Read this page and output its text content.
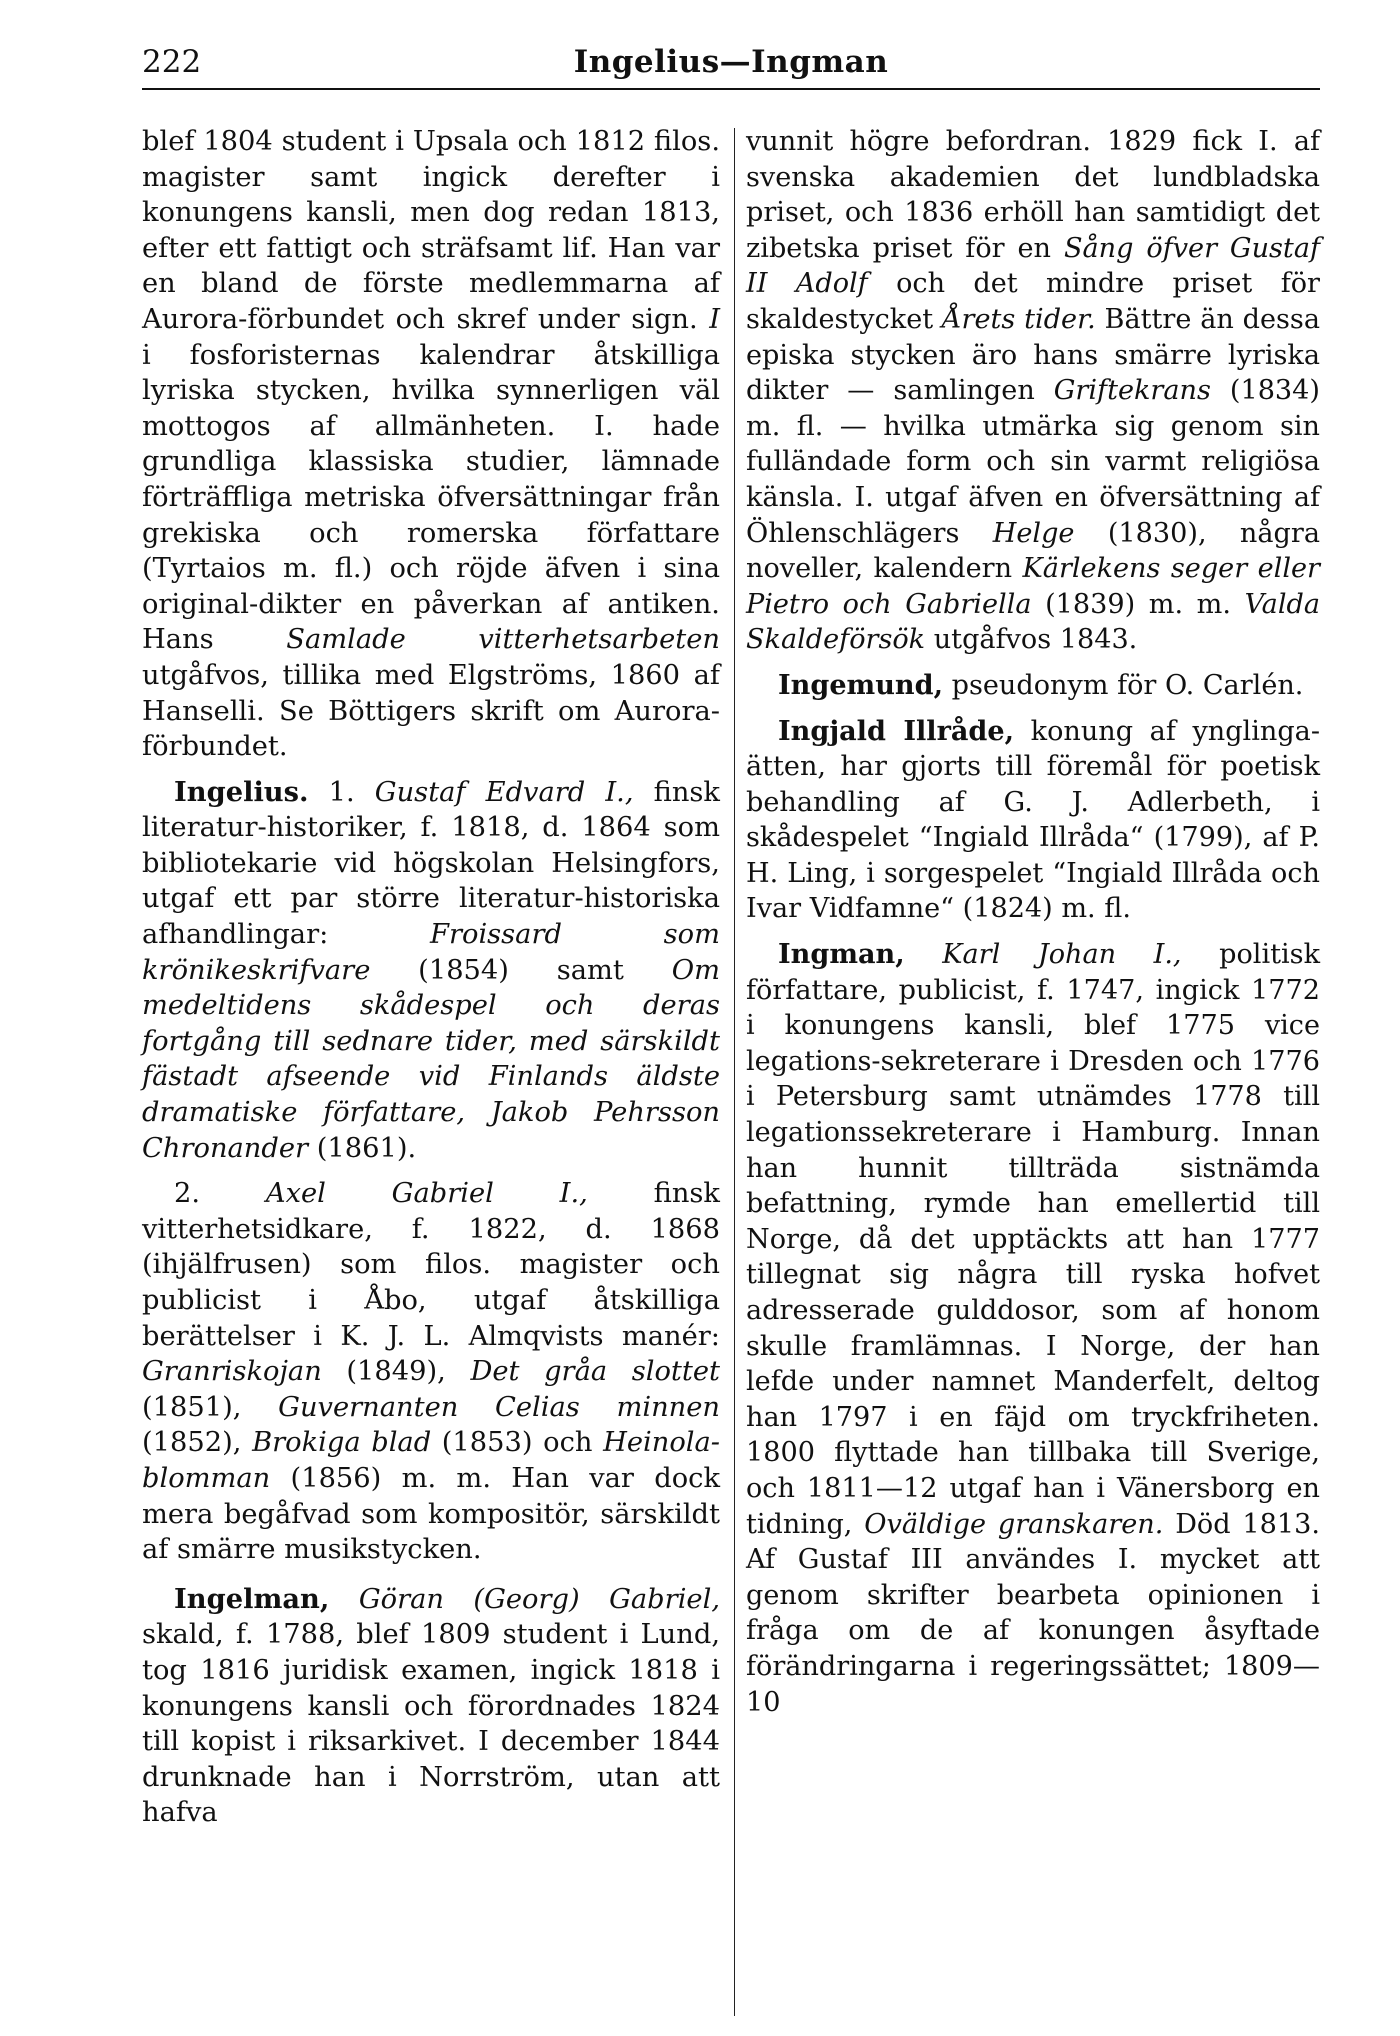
222	Ingelius—Ingman

blef 1804 student i Upsala och 1812 filos. magister samt ingick derefter i konungens kansli, men dog redan 1813, efter ett fattigt och sträfsamt lif. Han var en bland de förste medlemmarna af Aurora-förbundet och skref under sign. I i fosforisternas kalendrar åtskilliga lyriska stycken, hvilka synnerligen väl mottogos af allmänheten. I. hade grundliga klassiska studier, lämnade förträffliga metriska öfversättningar från grekiska och romerska författare (Tyrtaios m. fl.) och röjde äfven i sina original-dikter en påverkan af antiken. Hans	Samlade vitterhetsarbeten utgåfvos, tillika med Elgströms, 1860 af Hanselli. Se Böttigers skrift om Aurora-förbundet.

Ingelius. 1. Gustaf Edvard I., finsk literatur-historiker, f. 1818, d. 1864 som bibliotekarie vid högskolan Helsingfors, utgaf ett par större literatur-historiska afhandlingar:	Froissard som krönikeskrifvare (1854) samt Om medeltidens skådespel och deras fortgång till sednare tider, med särskildt fästadt afseende vid Finlands äldste dramatiske författare, Jakob Pehrsson Chronander (1861).

2. Axel Gabriel I., finsk vitterhetsidkare, f. 1822, d. 1868 (ihjälfrusen) som filos. magister och publicist i Åbo, utgaf åtskilliga berättelser i K. J. L. Almqvists manér: Granriskojan (1849), Det gråa slottet (1851), Guvernanten Celias minnen (1852), Brokiga blad (1853) och Heinola-blomman (1856) m. m. Han var dock mera begåfvad som kompositör, särskildt af smärre musikstycken.

Ingelman, Göran (Georg) Gabriel, skald, f. 1788, blef 1809 student i Lund, tog 1816 juridisk examen, ingick 1818 i konungens kansli och förordnades 1824 till kopist i riksarkivet. I december 1844 drunknade han i Norrström, utan att hafva

vunnit högre befordran. 1829 fick I. af svenska akademien det lundbladska priset, och 1836 erhöll han samtidigt det zibetska priset för en Sång öfver Gustaf II Adolf och det mindre priset för skaldestycket Årets tider. Bättre än dessa episka stycken äro hans smärre lyriska dikter — samlingen Griftekrans (1834) m. fl. — hvilka utmärka sig genom sin fulländade form och sin varmt religiösa känsla. I. utgaf äfven en öfversättning af Öhlenschlägers Helge (1830), några noveller, kalendern Kärlekens seger eller Pietro och Gabriella (1839) m. m. Valda Skaldeförsök utgåfvos 1843.

Ingemund, pseudonym för O. Carlén.

Ingjald Illråde, konung af ynglinga-ätten, har gjorts till föremål för poetisk behandling af G. J. Adlerbeth, i skådespelet “Ingiald Illråda“ (1799), af P. H. Ling, i sorgespelet “Ingiald Illråda och Ivar Vidfamne“ (1824) m. fl.

Ingman, Karl Johan I., politisk författare, publicist, f. 1747, ingick 1772 i konungens kansli, blef 1775 vice legations-sekreterare i Dresden och 1776 i Petersburg samt utnämdes 1778 till legationssekreterare i Hamburg. Innan han hunnit tillträda sistnämda befattning, rymde han emellertid till Norge, då det upptäckts att han 1777 tillegnat sig några till ryska hofvet adresserade gulddosor, som af honom skulle framlämnas. I Norge, der han lefde under namnet Manderfelt, deltog han 1797 i en fäjd om tryckfriheten. 1800 flyttade han tillbaka till Sverige, och 1811—12 utgaf han i Vänersborg en tidning, Oväldige granskaren. Död 1813. Af Gustaf III användes I. mycket att genom skrifter bearbeta opinionen i fråga om de af konungen åsyftade förändringarna i regeringssättet; 1809—10
